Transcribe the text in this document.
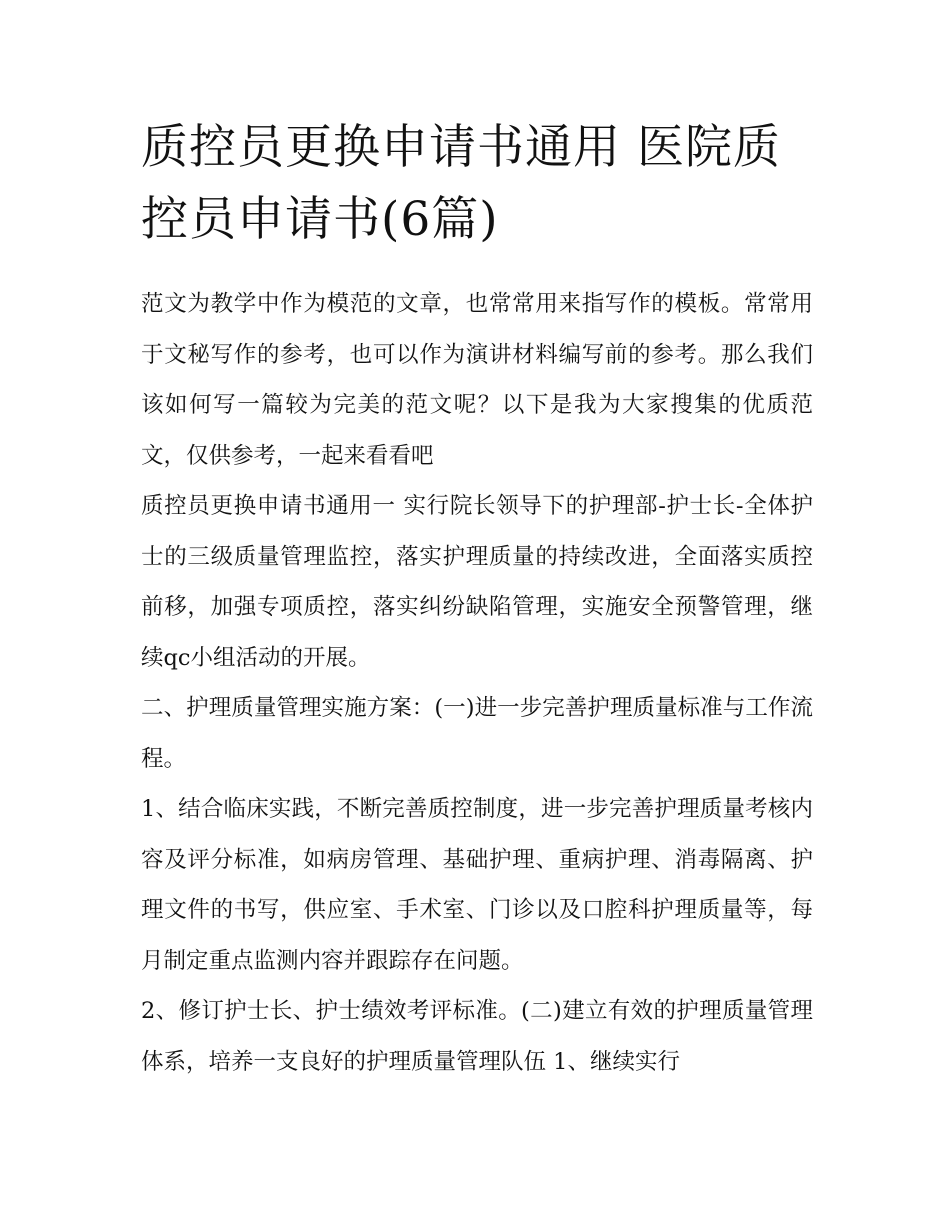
质控员更换申请书通用 医院质控员申请书(6篇)

范文为教学中作为模范的文章，也常常用来指写作的模板。常常用于文秘写作的参考，也可以作为演讲材料编写前的参考。那么我们该如何写一篇较为完美的范文呢？以下是我为大家搜集的优质范文，仅供参考，一起来看看吧

质控员更换申请书通用一 实行院长领导下的护理部-护士长-全体护士的三级质量管理监控，落实护理质量的持续改进，全面落实质控前移，加强专项质控，落实纠纷缺陷管理，实施安全预警管理，继续qc小组活动的开展。

二、护理质量管理实施方案：(一)进一步完善护理质量标准与工作流程。

1、结合临床实践，不断完善质控制度，进一步完善护理质量考核内容及评分标准，如病房管理、基础护理、重病护理、消毒隔离、护理文件的书写，供应室、手术室、门诊以及口腔科护理质量等，每月制定重点监测内容并跟踪存在问题。

2、修订护士长、护士绩效考评标准。(二)建立有效的护理质量管理体系，培养一支良好的护理质量管理队伍 1、继续实行
